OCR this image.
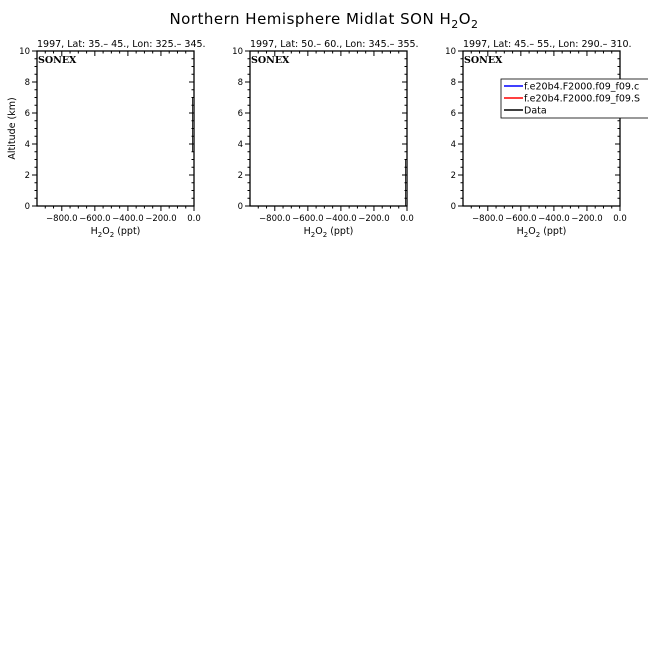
Northern Hemisphere Midlat SON $H_2O_2$
1997, Lat: 35.– 45., Lon: 325.– 345.
SONEX
0
2
4
6
8
10
−800.0 −600.0 −400.0 −200.0 0.0
$H_2O_2$ (ppt)
Altitude (km)
1997, Lat: 50.– 60., Lon: 345.– 355.
SONEX
0
2
4
6
8
10
−800.0 −600.0 −400.0 −200.0 0.0
$H_2O_2$ (ppt)
1997, Lat: 45.– 55., Lon: 290.– 310.
SONEX
0
2
4
6
8
10
−800.0 −600.0 −400.0 −200.0 0.0
$H_2O_2$ (ppt)
f.e20b4.F2000.f09_f09.c
f.e20b4.F2000.f09_f09.S
Data
